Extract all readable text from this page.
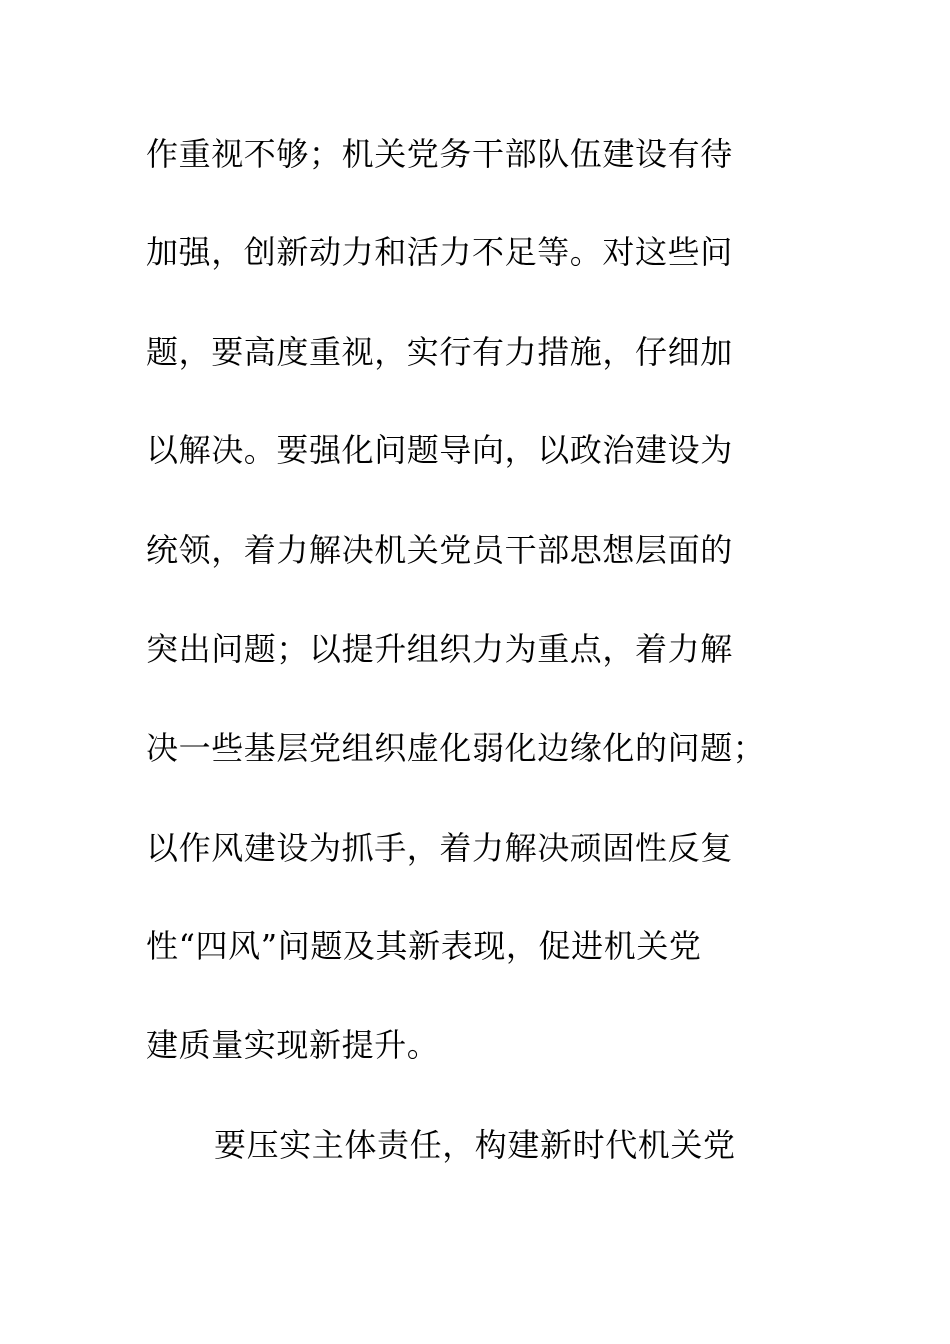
作重视不够；机关党务干部队伍建设有待
加强，创新动力和活力不足等。对这些问
题，要高度重视，实行有力措施，仔细加
以解决。要强化问题导向，以政治建设为
统领，着力解决机关党员干部思想层面的
突出问题；以提升组织力为重点，着力解
决一些基层党组织虚化弱化边缘化的问题；
以作风建设为抓手，着力解决顽固性反复
性“四风”问题及其新表现，促进机关党
建质量实现新提升。
要压实主体责任，构建新时代机关党
